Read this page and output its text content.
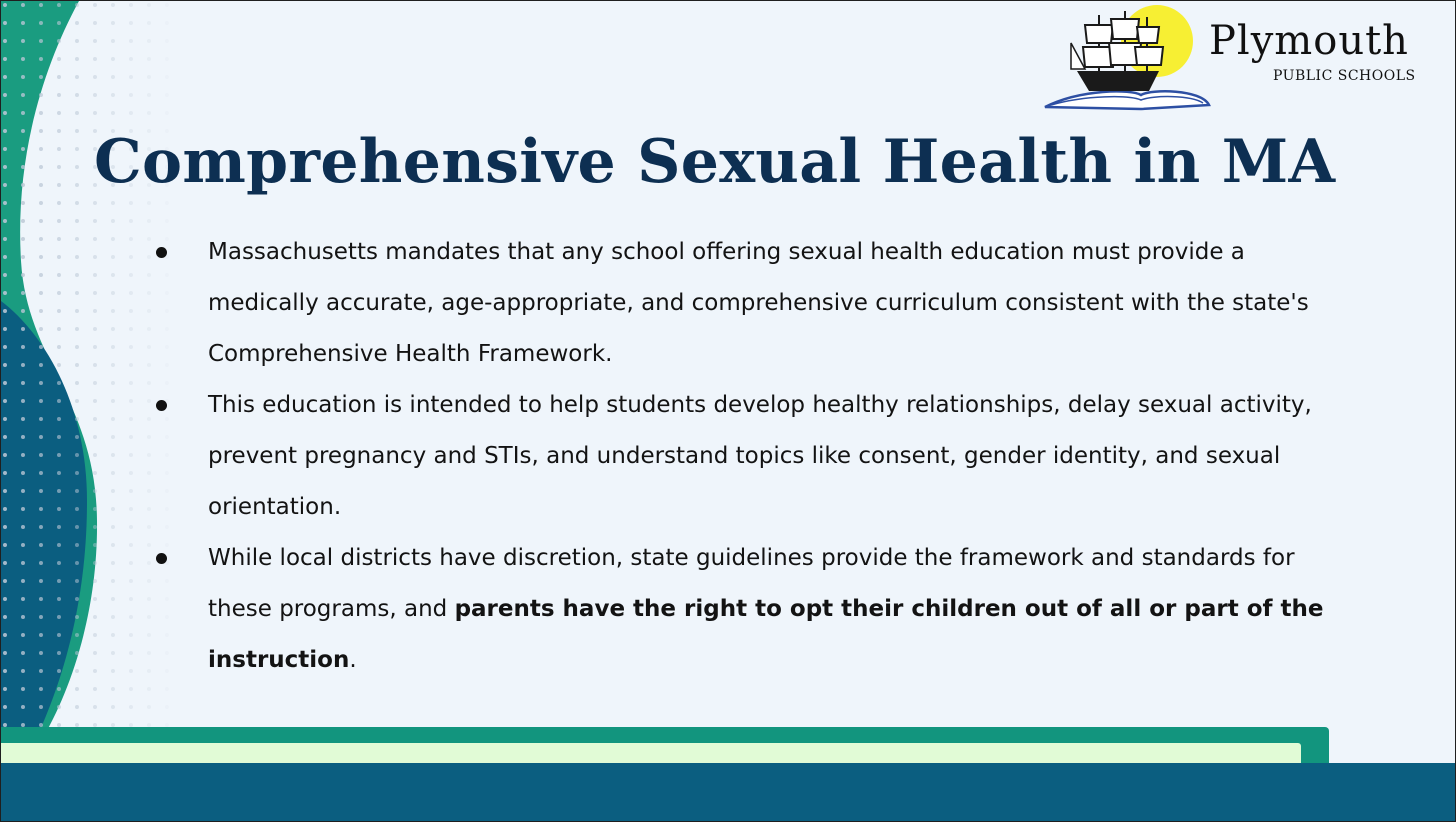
Plymouth
PUBLIC SCHOOLS
Comprehensive Sexual Health in MA
Massachusetts mandates that any school offering sexual health education must provide a medically accurate, age-appropriate, and comprehensive curriculum consistent with the state's Comprehensive Health Framework.
This education is intended to help students develop healthy relationships, delay sexual activity, prevent pregnancy and STIs, and understand topics like consent, gender identity, and sexual orientation.
While local districts have discretion, state guidelines provide the framework and standards for these programs, and parents have the right to opt their children out of all or part of the instruction.
